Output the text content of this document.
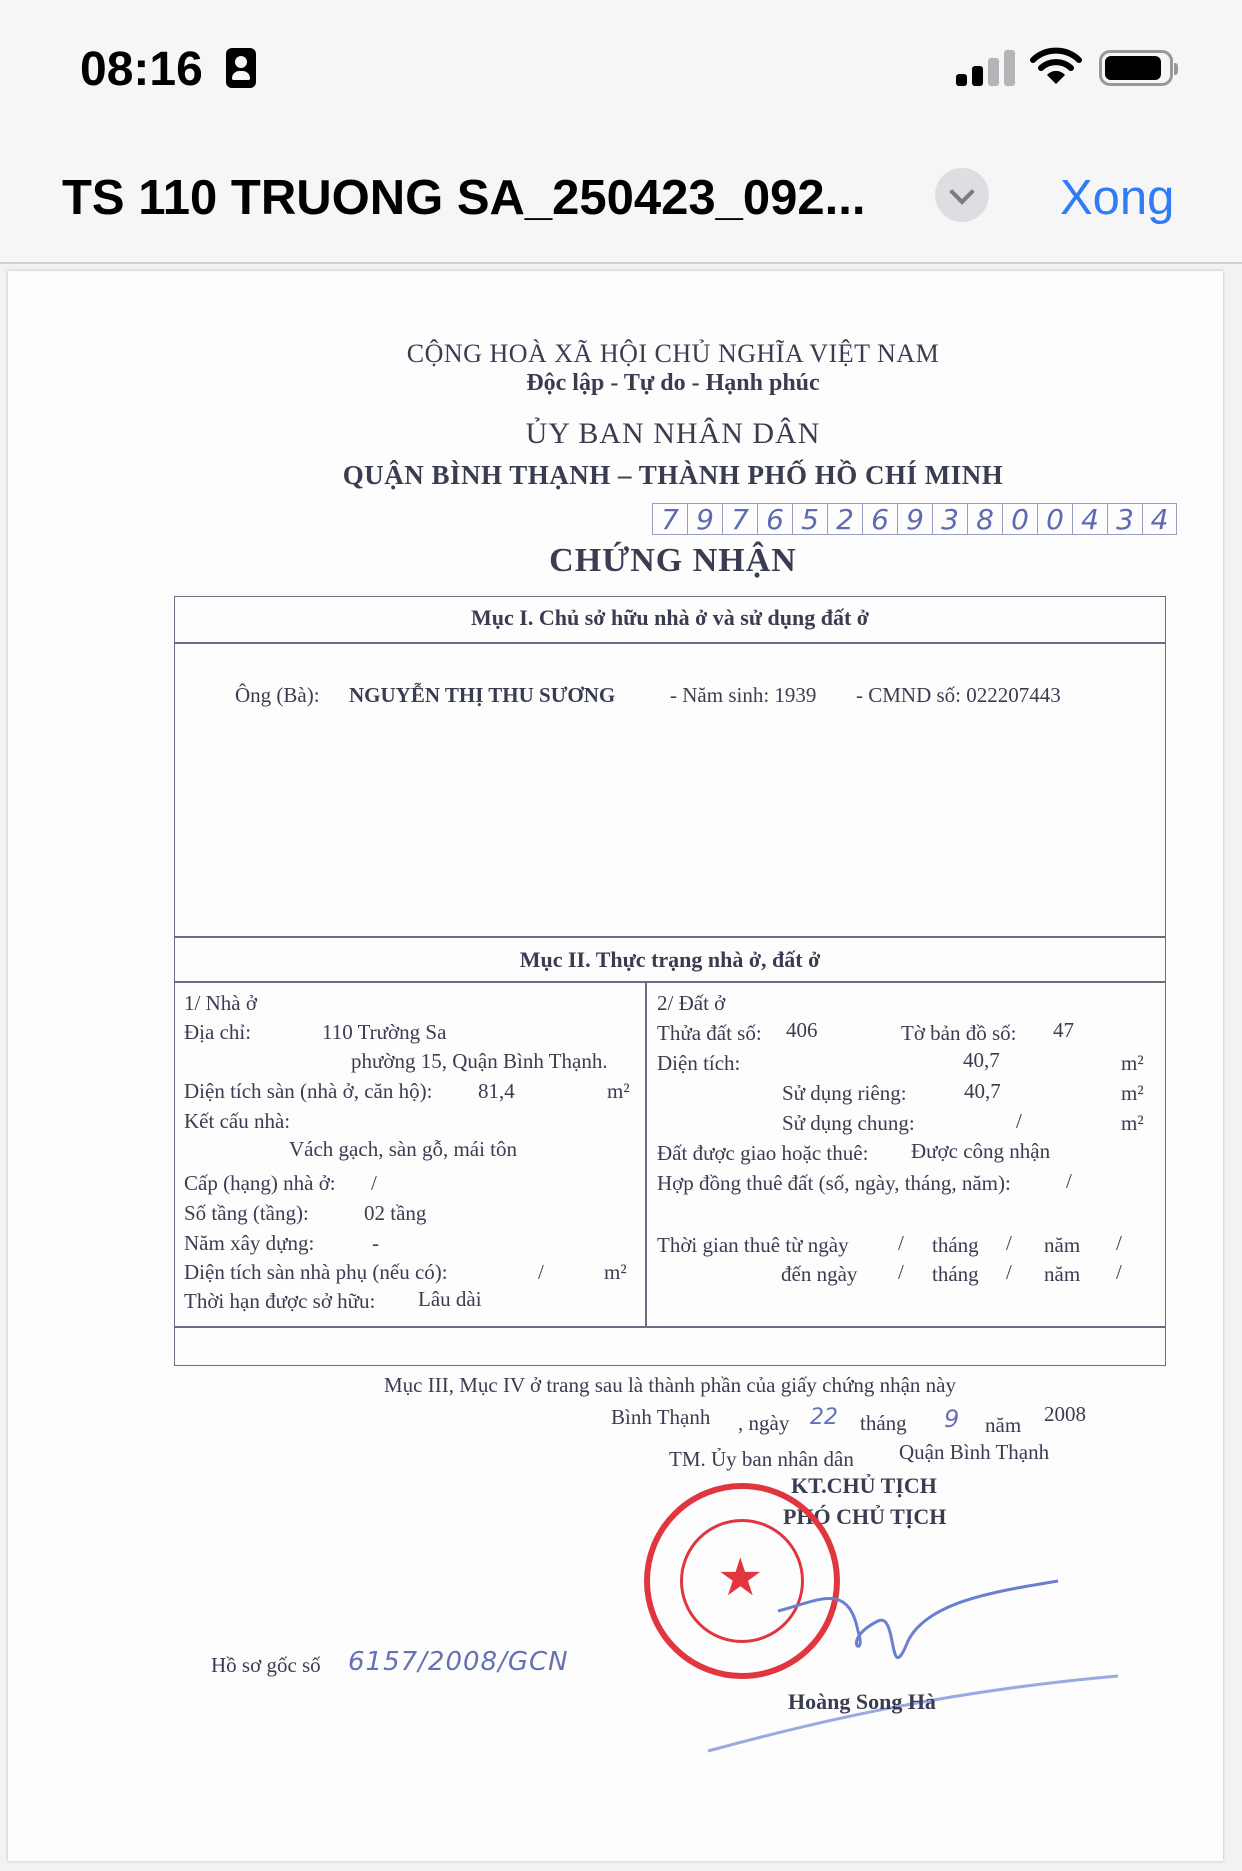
08:16
TS 110 TRUONG SA_250423_092...	Xong
CỘNG HOÀ XÃ HỘI CHỦ NGHĨA VIỆT NAM
Độc lập - Tự do - Hạnh phúc
ỦY BAN NHÂN DÂN
QUẬN BÌNH THẠNH – THÀNH PHỐ HỒ CHÍ MINH
7 9 7 6 5 2 6 9 3 8 0 0 4 3 4
CHỨNG NHẬN
Mục I. Chủ sở hữu nhà ở và sử dụng đất ở
Ông (Bà): NGUYỄN THỊ THU SƯƠNG	- Năm sinh: 1939 - CMND số: 022207443
Mục II. Thực trạng nhà ở, đất ở
1/ Nhà ở
Địa chỉ:	110 Trường Sa
phường 15, Quận Bình Thạnh.
Diện tích sàn (nhà ở, căn hộ): 81,4	m²
Kết cấu nhà:
Vách gạch, sàn gỗ, mái tôn
Cấp (hạng) nhà ở: /
Số tầng (tầng):	02 tầng
Năm xây dựng:	-
Diện tích sàn nhà phụ (nếu có):	/	m²
Thời hạn được sở hữu: Lâu dài
2/ Đất ở
Thửa đất số: 406	Tờ bản đồ số: 47
Diện tích:	40,7	m²
Sử dụng riêng:	40,7	m²
Sử dụng chung:	/	m²
Đất được giao hoặc thuê: Được công nhận
Hợp đồng thuê đất (số, ngày, tháng, năm):	/
Thời gian thuê từ ngày / tháng / năm /
đến ngày / tháng / năm /
Mục III, Mục IV ở trang sau là thành phần của giấy chứng nhận này
Bình Thạnh , ngày 22 tháng 9 năm 2008
TM. Ủy ban nhân dân Quận Bình Thạnh
KT.CHỦ TỊCH
PHÓ CHỦ TỊCH
★
Hoàng Song Hà
Hồ sơ gốc số 6157/2008/GCN
